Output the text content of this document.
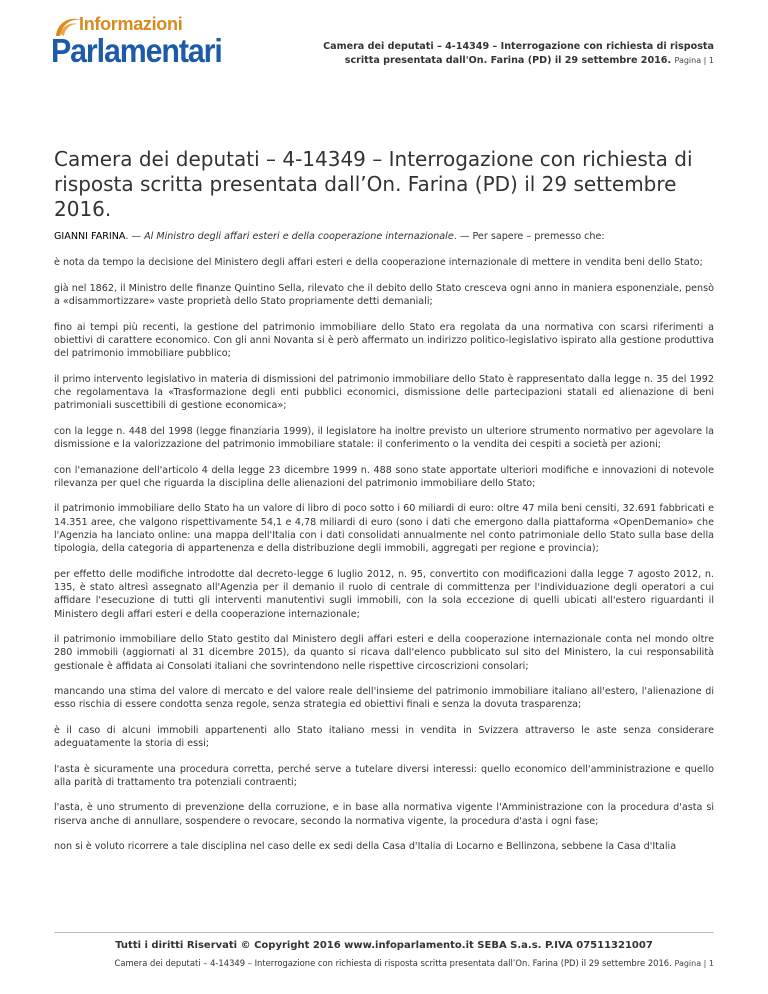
Informazioni
Parlamentari	Camera dei deputati – 4-14349 – Interrogazione con richiesta di risposta
scritta presentata dall'On. Farina (PD) il 29 settembre 2016. Pagina | 1
Camera dei deputati – 4-14349 – Interrogazione con richiesta di risposta scritta presentata dall’On. Farina (PD) il 29 settembre 2016.

GIANNI FARINA. — Al Ministro degli affari esteri e della cooperazione internazionale. — Per sapere – premesso che:

è nota da tempo la decisione del Ministero degli affari esteri e della cooperazione internazionale di mettere in vendita beni dello Stato;

già nel 1862, il Ministro delle finanze Quintino Sella, rilevato che il debito dello Stato cresceva ogni anno in maniera esponenziale, pensò a «disammortizzare» vaste proprietà dello Stato propriamente detti demaniali;

fino ai tempi più recenti, la gestione del patrimonio immobiliare dello Stato era regolata da una normativa con scarsi riferimenti a obiettivi di carattere economico. Con gli anni Novanta si è però affermato un indirizzo politico-legislativo ispirato alla gestione produttiva del patrimonio immobiliare pubblico;

il primo intervento legislativo in materia di dismissioni del patrimonio immobiliare dello Stato è rappresentato dalla legge n. 35 del 1992 che regolamentava la «Trasformazione degli enti pubblici economici, dismissione delle partecipazioni statali ed alienazione di beni patrimoniali suscettibili di gestione economica»;

con la legge n. 448 del 1998 (legge finanziaria 1999), il legislatore ha inoltre previsto un ulteriore strumento normativo per agevolare la dismissione e la valorizzazione del patrimonio immobiliare statale: il conferimento o la vendita dei cespiti a società per azioni;

con l'emanazione dell'articolo 4 della legge 23 dicembre 1999 n. 488 sono state apportate ulteriori modifiche e innovazioni di notevole rilevanza per quel che riguarda la disciplina delle alienazioni del patrimonio immobiliare dello Stato;

il patrimonio immobiliare dello Stato ha un valore di libro di poco sotto i 60 miliardi di euro: oltre 47 mila beni censiti, 32.691 fabbricati e 14.351 aree, che valgono rispettivamente 54,1 e 4,78 miliardi di euro (sono i dati che emergono dalla piattaforma «OpenDemanio» che l'Agenzia ha lanciato online: una mappa dell'Italia con i dati consolidati annualmente nel conto patrimoniale dello Stato sulla base della tipologia, della categoria di appartenenza e della distribuzione degli immobili, aggregati per regione e provincia);

per effetto delle modifiche introdotte dal decreto-legge 6 luglio 2012, n. 95, convertito con modificazioni dalla legge 7 agosto 2012, n. 135, è stato altresì assegnato all'Agenzia per il demanio il ruolo di centrale di committenza per l'individuazione degli operatori a cui affidare l'esecuzione di tutti gli interventi manutentivi sugli immobili, con la sola eccezione di quelli ubicati all'estero riguardanti il Ministero degli affari esteri e della cooperazione internazionale;

il patrimonio immobiliare dello Stato gestito dal Ministero degli affari esteri e della cooperazione internazionale conta nel mondo oltre 280 immobili (aggiornati al 31 dicembre 2015), da quanto si ricava dall'elenco pubblicato sul sito del Ministero, la cui responsabilità gestionale è affidata ai Consolati italiani che sovrintendono nelle rispettive circoscrizioni consolari;

mancando una stima del valore di mercato e del valore reale dell'insieme del patrimonio immobiliare italiano all'estero, l'alienazione di esso rischia di essere condotta senza regole, senza strategia ed obiettivi finali e senza la dovuta trasparenza;

è il caso di alcuni immobili appartenenti allo Stato italiano messi in vendita in Svizzera attraverso le aste senza considerare adeguatamente la storia di essi;

l'asta è sicuramente una procedura corretta, perché serve a tutelare diversi interessi: quello economico dell'amministrazione e quello alla parità di trattamento tra potenziali contraenti;

l'asta, è uno strumento di prevenzione della corruzione, e in base alla normativa vigente l'Amministrazione con la procedura d'asta si riserva anche di annullare, sospendere o revocare, secondo la normativa vigente, la procedura d'asta i ogni fase;

non si è voluto ricorrere a tale disciplina nel caso delle ex sedi della Casa d'Italia di Locarno e Bellinzona, sebbene la Casa d'Italia

Tutti i diritti Riservati © Copyright 2016 www.infoparlamento.it SEBA S.a.s. P.IVA 07511321007
Camera dei deputati – 4-14349 – Interrogazione con richiesta di risposta scritta presentata dall’On. Farina (PD) il 29 settembre 2016. Pagina | 1
